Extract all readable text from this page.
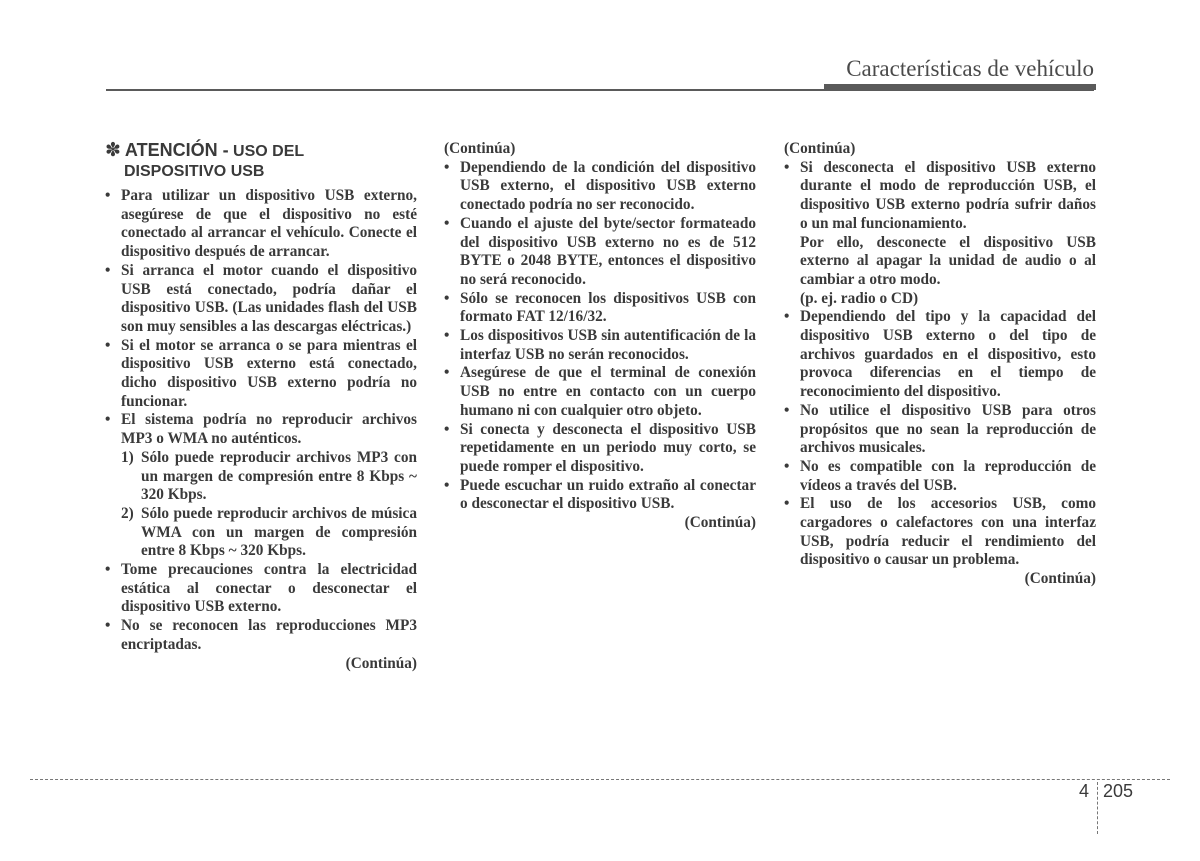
Características de vehículo
✽ ATENCIÓN - USO DEL
DISPOSITIVO USB
• Para utilizar un dispositivo USB externo, asegúrese de que el dispositivo no esté conectado al arrancar el vehículo. Conecte el dispositivo después de arrancar.
• Si arranca el motor cuando el dispositivo USB está conectado, podría dañar el dispositivo USB. (Las unidades flash del USB son muy sensibles a las descargas eléctricas.)
• Si el motor se arranca o se para mientras el dispositivo USB externo está conectado, dicho dispositivo USB externo podría no funcionar.
• El sistema podría no reproducir archivos MP3 o WMA no auténticos.
1) Sólo puede reproducir archivos MP3 con un margen de compresión entre 8 Kbps ~ 320 Kbps.
2) Sólo puede reproducir archivos de música WMA con un margen de compresión entre 8 Kbps ~ 320 Kbps.
• Tome precauciones contra la electricidad estática al conectar o desconectar el dispositivo USB externo.
• No se reconocen las reproducciones MP3 encriptadas.
(Continúa)
(Continúa)
• Dependiendo de la condición del dispositivo USB externo, el dispositivo USB externo conectado podría no ser reconocido.
• Cuando el ajuste del byte/sector formateado del dispositivo USB externo no es de 512 BYTE o 2048 BYTE, entonces el dispositivo no será reconocido.
• Sólo se reconocen los dispositivos USB con formato FAT 12/16/32.
• Los dispositivos USB sin autentificación de la interfaz USB no serán reconocidos.
• Asegúrese de que el terminal de conexión USB no entre en contacto con un cuerpo humano ni con cualquier otro objeto.
• Si conecta y desconecta el dispositivo USB repetidamente en un periodo muy corto, se puede romper el dispositivo.
• Puede escuchar un ruido extraño al conectar o desconectar el dispositivo USB.
(Continúa)
(Continúa)
• Si desconecta el dispositivo USB externo durante el modo de reproducción USB, el dispositivo USB externo podría sufrir daños o un mal funcionamiento.
Por ello, desconecte el dispositivo USB externo al apagar la unidad de audio o al cambiar a otro modo.
(p. ej. radio o CD)
• Dependiendo del tipo y la capacidad del dispositivo USB externo o del tipo de archivos guardados en el dispositivo, esto provoca diferencias en el tiempo de reconocimiento del dispositivo.
• No utilice el dispositivo USB para otros propósitos que no sean la reproducción de archivos musicales.
• No es compatible con la reproducción de vídeos a través del USB.
• El uso de los accesorios USB, como cargadores o calefactores con una interfaz USB, podría reducir el rendimiento del dispositivo o causar un problema.
(Continúa)
4 205
